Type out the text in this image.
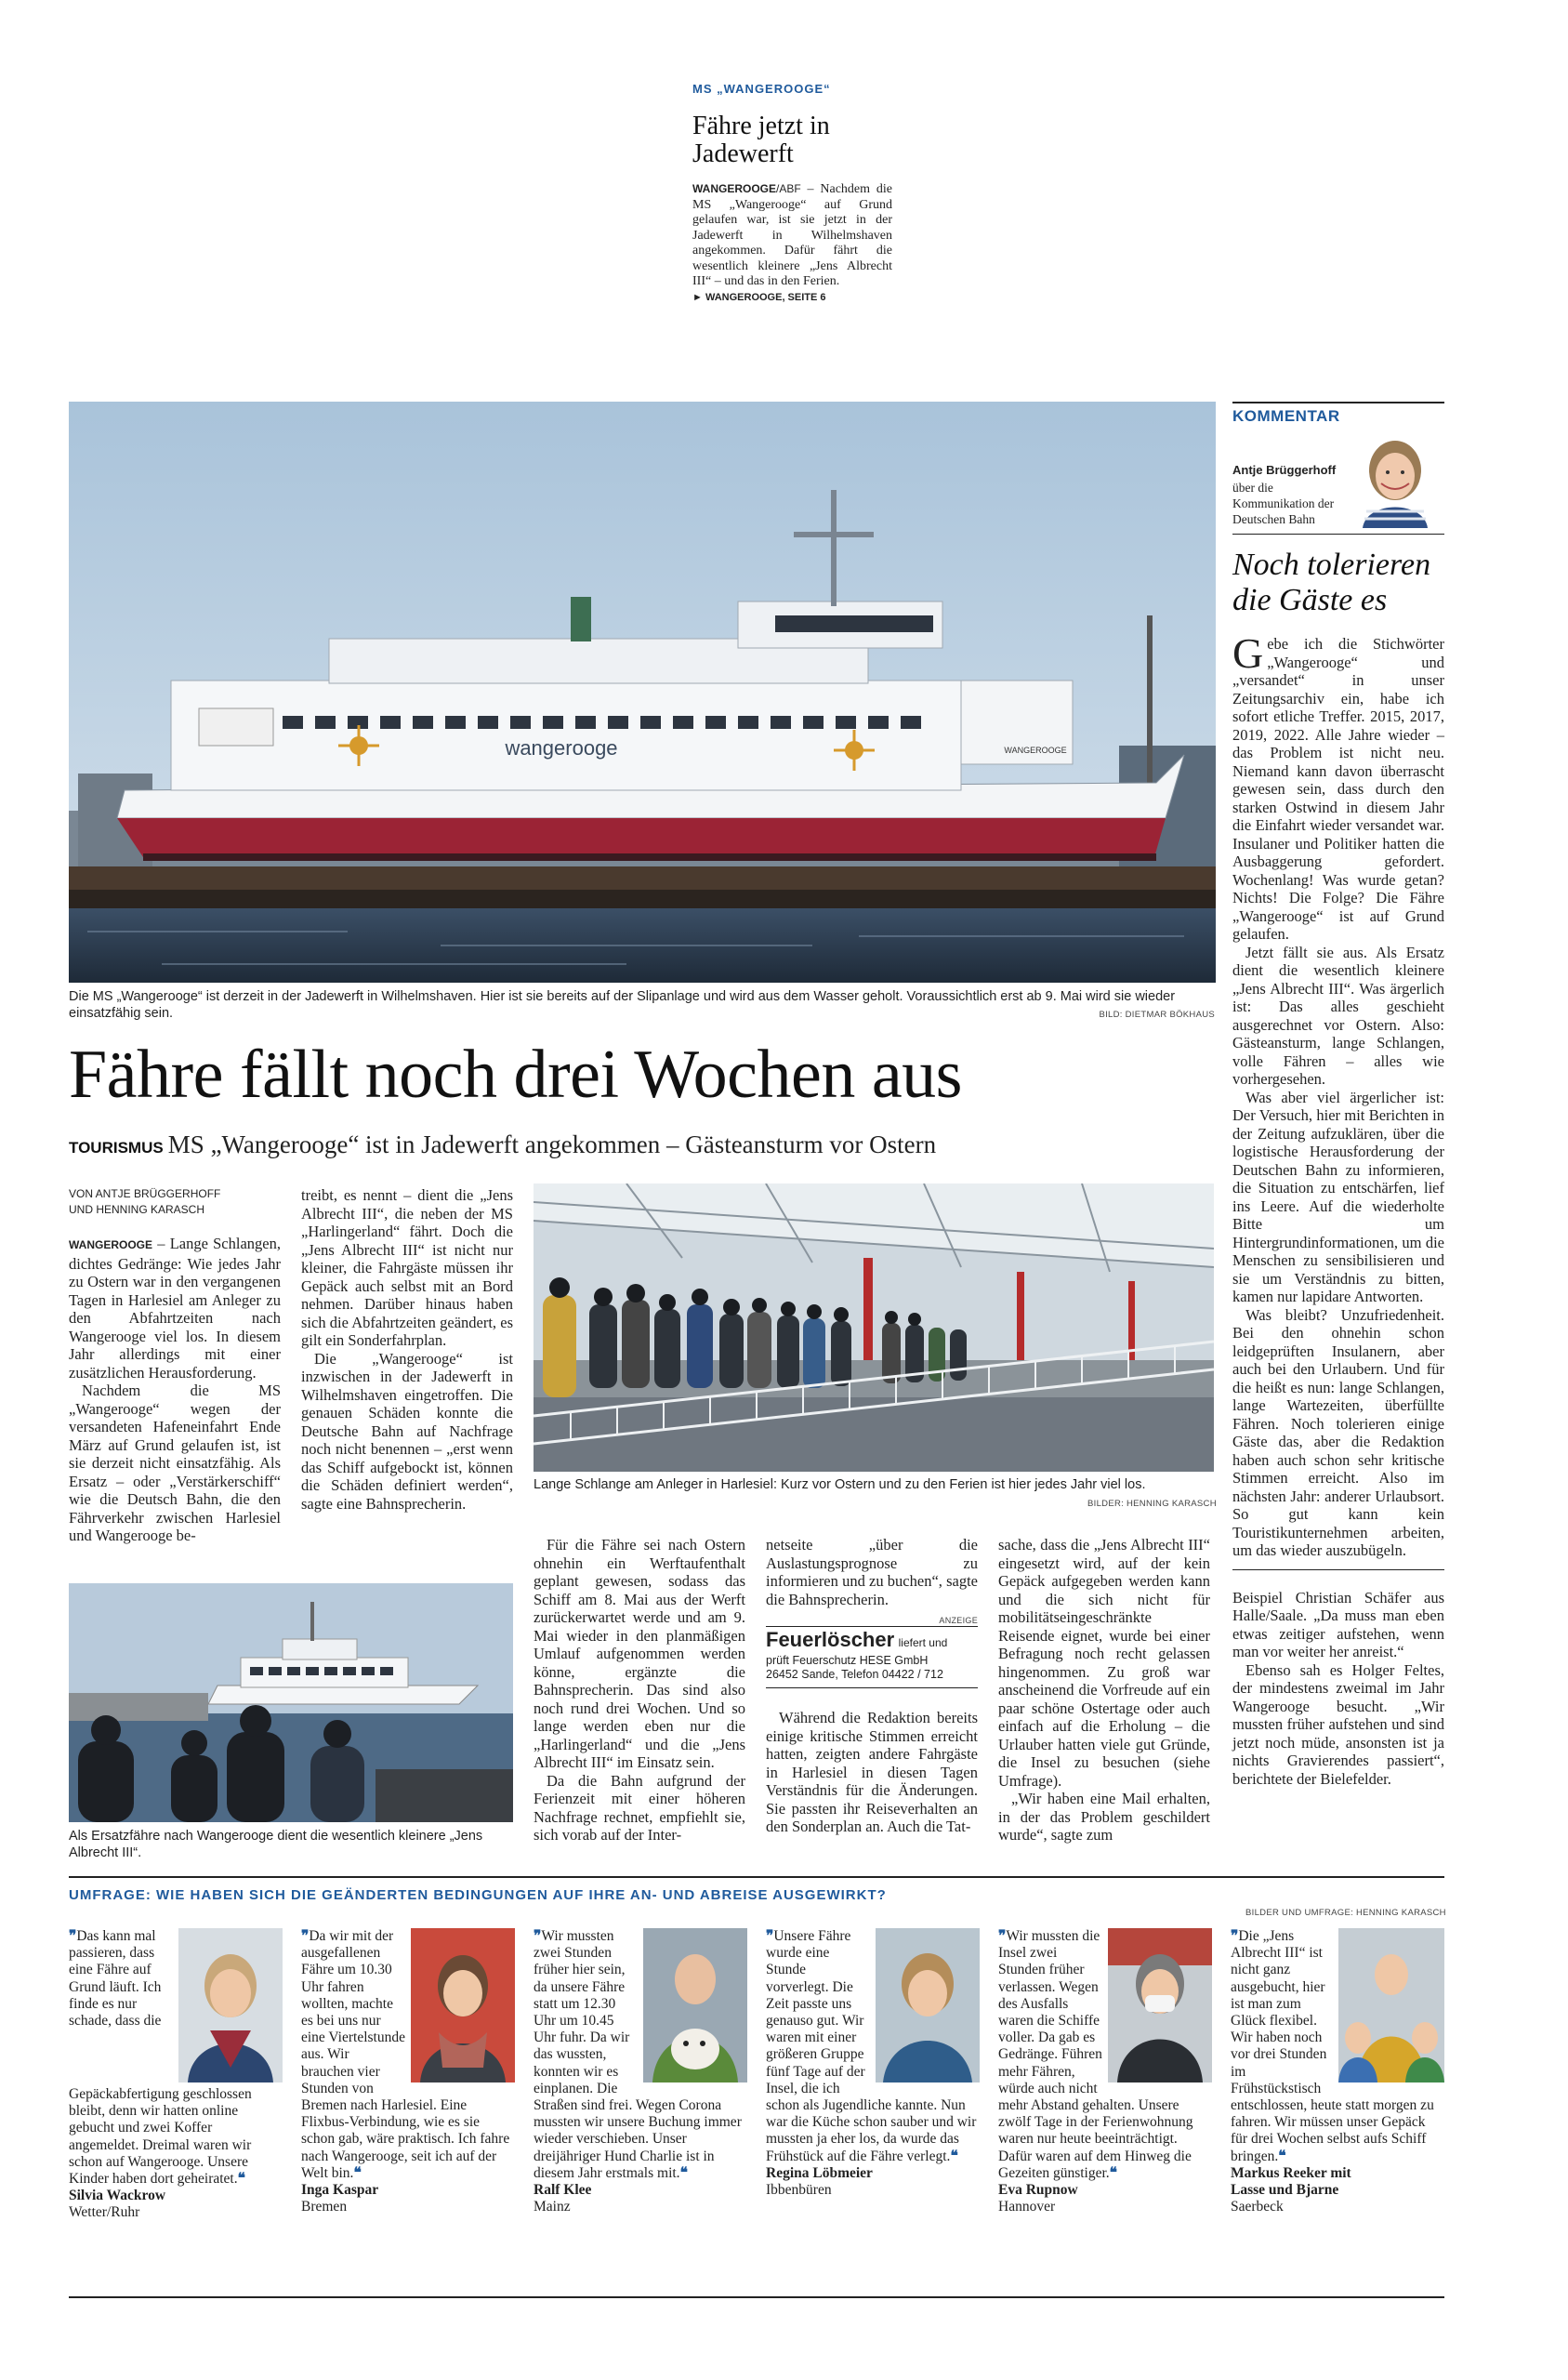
MS „WANGEROOGE“
Fähre jetzt in
Jadewerft
WANGEROOGE/ABF – Nachdem die MS „Wangerooge“ auf Grund gelaufen war, ist sie jetzt in der Jadewerft in Wilhelmshaven angekommen. Dafür fährt die wesentlich kleinere „Jens Albrecht III“ – und das in den Ferien.
► WANGEROOGE, SEITE 6
wangerooge	WANGEROOGE
Die MS „Wangerooge“ ist derzeit in der Jadewerft in Wilhelmshaven. Hier ist sie bereits auf der Slipanlage und wird aus dem Wasser geholt. Voraussichtlich erst ab 9. Mai wird sie wieder einsatzfähig sein.	BILD: DIETMAR BÖKHAUS
Fähre fällt noch drei Wochen aus
TOURISMUS MS „Wangerooge“ ist in Jadewerft angekommen – Gästeansturm vor Ostern
VON ANTJE BRÜGGERHOFF
UND HENNING KARASCH
WANGEROOGE – Lange Schlangen, dichtes Gedränge: Wie jedes Jahr zu Ostern war in den vergangenen Tagen in Harlesiel am Anleger zu den Abfahrtzeiten nach Wangerooge viel los. In diesem Jahr allerdings mit einer zusätzlichen Herausforderung.

Nachdem die MS „Wangerooge“ wegen der versandeten Hafeneinfahrt Ende März auf Grund gelaufen ist, ist sie derzeit nicht einsatzfähig. Als Ersatz – oder „Verstärkerschiff“ wie die Deutsch Bahn, die den Fährverkehr zwischen Harlesiel und Wangerooge be-

treibt, es nennt – dient die „Jens Albrecht III“, die neben der MS „Harlingerland“ fährt. Doch die „Jens Albrecht III“ ist nicht nur kleiner, die Fahrgäste müssen ihr Gepäck auch selbst mit an Bord nehmen. Darüber hinaus haben sich die Abfahrtzeiten geändert, es gilt ein Sonderfahrplan.

Die „Wangerooge“ ist inzwischen in der Jadewerft in Wilhelmshaven eingetroffen. Die genauen Schäden konnte die Deutsche Bahn auf Nachfrage noch nicht benennen – „erst wenn das Schiff aufgebockt ist, können die Schäden definiert werden“, sagte eine Bahnsprecherin.

Lange Schlange am Anleger in Harlesiel: Kurz vor Ostern und zu den Ferien ist hier jedes Jahr viel los.
BILDER: HENNING KARASCH
Als Ersatzfähre nach Wangerooge dient die wesentlich kleinere „Jens Albrecht III“.

Für die Fähre sei nach Ostern ohnehin ein Werftaufenthalt geplant gewesen, sodass das Schiff am 8. Mai aus der Werft zurückerwartet werde und am 9. Mai wieder in den planmäßigen Umlauf aufgenommen werden könne, ergänzte die Bahnsprecherin. Das sind also noch rund drei Wochen. Und so lange werden eben nur die „Harlingerland“ und die „Jens Albrecht III“ im Einsatz sein.

Da die Bahn aufgrund der Ferienzeit mit einer höheren Nachfrage rechnet, empfiehlt sie, sich vorab auf der Inter-

netseite „über die Auslastungsprognose zu informieren und zu buchen“, sagte die Bahnsprecherin.

ANZEIGE
Feuerlöscher liefert und
prüft Feuerschutz HESE GmbH
26452 Sande, Telefon 04422 / 712

Während die Redaktion bereits einige kritische Stimmen erreicht hatten, zeigten andere Fahrgäste in Harlesiel in diesen Tagen Verständnis für die Änderungen. Sie passten ihr Reiseverhalten an den Sonderplan an. Auch die Tat-

sache, dass die „Jens Albrecht III“ eingesetzt wird, auf der kein Gepäck aufgegeben werden kann und die sich nicht für mobilitätseingeschränkte Reisende eignet, wurde bei einer Befragung noch recht gelassen hingenommen. Zu groß war anscheinend die Vorfreude auf ein paar schöne Ostertage oder auch einfach auf die Erholung – die Urlauber hatten viele gut Gründe, die Insel zu besuchen (siehe Umfrage).

„Wir haben eine Mail erhalten, in der das Problem geschildert wurde“, sagte zum

KOMMENTAR
Antje Brüggerhoff
über die Kommunikation der Deutschen Bahn
Noch tolerieren
die Gäste es

Gebe ich die Stichwörter „Wangerooge“ und „versandet“ in unser Zeitungsarchiv ein, habe ich sofort etliche Treffer. 2015, 2017, 2019, 2022. Alle Jahre wieder – das Problem ist nicht neu. Niemand kann davon überrascht gewesen sein, dass durch den starken Ostwind in diesem Jahr die Einfahrt wieder versandet war. Insulaner und Politiker hatten die Ausbaggerung gefordert. Wochenlang! Was wurde getan? Nichts! Die Folge? Die Fähre „Wangerooge“ ist auf Grund gelaufen.

Jetzt fällt sie aus. Als Ersatz dient die wesentlich kleinere „Jens Albrecht III“. Was ärgerlich ist: Das alles geschieht ausgerechnet vor Ostern. Also: Gästeansturm, lange Schlangen, volle Fähren – alles wie vorhergesehen.

Was aber viel ärgerlicher ist: Der Versuch, hier mit Berichten in der Zeitung aufzuklären, über die logistische Herausforderung der Deutschen Bahn zu informieren, die Situation zu entschärfen, lief ins Leere. Auf die wiederholte Bitte um Hintergrundinformationen, um die Menschen zu sensibilisieren und sie um Verständnis zu bitten, kamen nur lapidare Antworten.

Was bleibt? Unzufriedenheit. Bei den ohnehin schon leidgeprüften Insulanern, aber auch bei den Urlaubern. Und für die heißt es nun: lange Schlangen, lange Wartezeiten, überfüllte Fähren. Noch tolerieren einige Gäste das, aber die Redaktion haben auch schon sehr kritische Stimmen erreicht. Also im nächsten Jahr: anderer Urlaubsort. So gut kann kein Touristikunternehmen arbeiten, um das wieder auszubügeln.

Beispiel Christian Schäfer aus Halle/Saale. „Da muss man eben etwas zeitiger aufstehen, wenn man vor weiter her anreist.“

Ebenso sah es Holger Feltes, der mindestens zweimal im Jahr Wangerooge besucht. „Wir mussten früher aufstehen und sind jetzt noch müde, ansonsten ist ja nichts Gravierendes passiert“, berichtete der Bielefelder.

UMFRAGE: WIE HABEN SICH DIE GEÄNDERTEN BEDINGUNGEN AUF IHRE AN- UND ABREISE AUSGEWIRKT?
BILDER UND UMFRAGE: HENNING KARASCH
❞Das kann mal passieren, dass eine Fähre auf Grund läuft. Ich finde es nur schade, dass die Gepäckabfertigung geschlossen bleibt, denn wir hatten online gebucht und zwei Koffer angemeldet. Dreimal waren wir schon auf Wangerooge. Unsere Kinder haben dort geheiratet.❝
Silvia Wackrow
Wetter/Ruhr
❞Da wir mit der ausgefallenen Fähre um 10.30 Uhr fahren wollten, machte es bei uns nur eine Viertelstunde aus. Wir brauchen vier Stunden von Bremen nach Harlesiel. Eine Flixbus-Verbindung, wie es sie schon gab, wäre praktisch. Ich fahre nach Wangerooge, seit ich auf der Welt bin.❝
Inga Kaspar
Bremen
❞Wir mussten zwei Stunden früher hier sein, da unsere Fähre statt um 12.30 Uhr um 10.45 Uhr fuhr. Da wir das wussten, konnten wir es einplanen. Die Straßen sind frei. Wegen Corona mussten wir unsere Buchung immer wieder verschieben. Unser dreijähriger Hund Charlie ist in diesem Jahr erstmals mit.❝
Ralf Klee
Mainz
❞Unsere Fähre wurde eine Stunde vorverlegt. Die Zeit passte uns genauso gut. Wir waren mit einer größeren Gruppe fünf Tage auf der Insel, die ich schon als Jugendliche kannte. Nun war die Küche schon sauber und wir mussten ja eher los, da wurde das Frühstück auf die Fähre verlegt.❝
Regina Löbmeier
Ibbenbüren
❞Wir mussten die Insel zwei Stunden früher verlassen. Wegen des Ausfalls waren die Schiffe voller. Da gab es Gedränge. Führen mehr Fähren, würde auch nicht mehr Abstand gehalten. Unsere zwölf Tage in der Ferienwohnung waren nur heute beeinträchtigt. Dafür waren auf dem Hinweg die Gezeiten günstiger.❝
Eva Rupnow
Hannover
❞Die „Jens Albrecht III“ ist nicht ganz ausgebucht, hier ist man zum Glück flexibel. Wir haben noch vor drei Stunden im Frühstückstisch entschlossen, heute statt morgen zu fahren. Wir müssen unser Gepäck für drei Wochen selbst aufs Schiff bringen.❝
Markus Reeker mit
Lasse und Bjarne
Saerbeck
